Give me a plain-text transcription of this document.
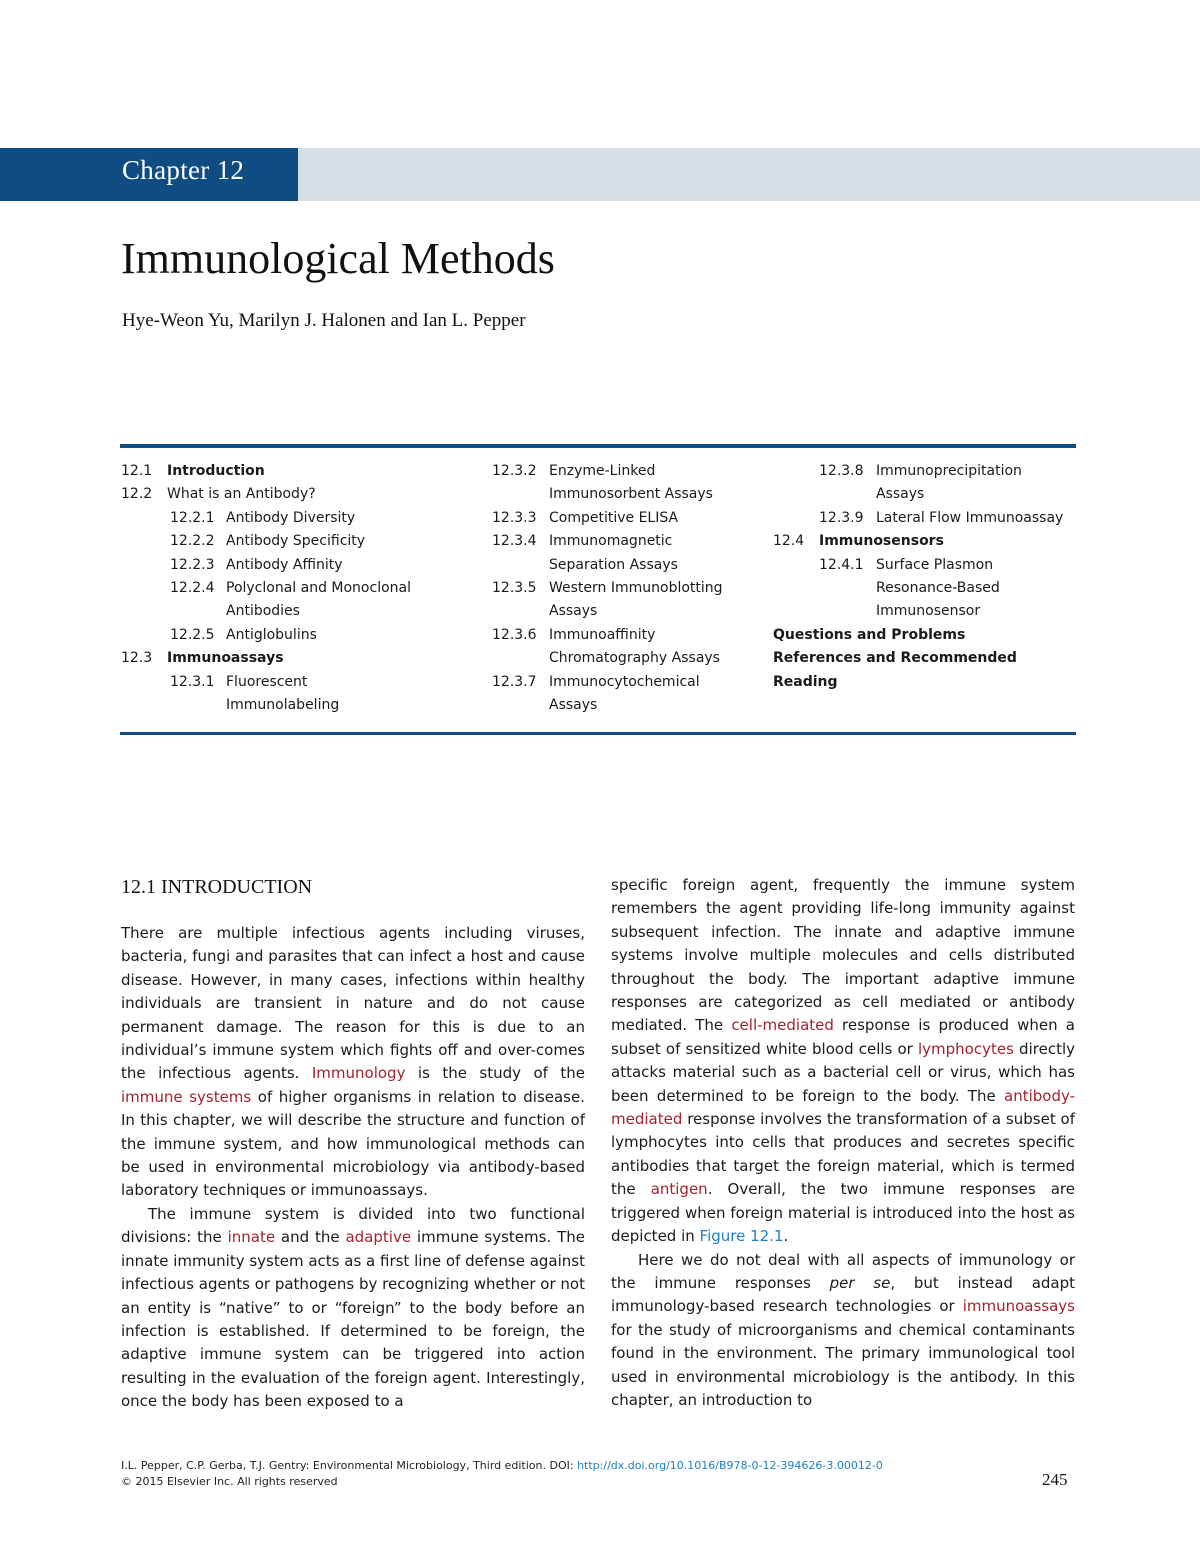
Chapter 12
Immunological Methods
Hye-Weon Yu, Marilyn J. Halonen and Ian L. Pepper
12.1	Introduction
12.2	What is an Antibody?
12.2.1 Antibody Diversity
12.2.2 Antibody Specificity
12.2.3 Antibody Affinity
12.2.4 Polyclonal and Monoclonal Antibodies
12.2.5 Antiglobulins
12.3	Immunoassays
12.3.1 Fluorescent Immunolabeling
12.3.2 Enzyme-Linked Immunosorbent Assays
12.3.3 Competitive ELISA
12.3.4 Immunomagnetic Separation Assays
12.3.5 Western Immunoblotting Assays
12.3.6 Immunoaffinity Chromatography Assays
12.3.7 Immunocytochemical Assays
12.3.8 Immunoprecipitation Assays
12.3.9 Lateral Flow Immunoassay
12.4	Immunosensors
12.4.1 Surface Plasmon Resonance-Based Immunosensor
Questions and Problems
References and Recommended Reading
12.1 INTRODUCTION

There are multiple infectious agents including viruses, bacteria, fungi and parasites that can infect a host and cause disease. However, in many cases, infections within healthy individuals are transient in nature and do not cause permanent damage. The reason for this is due to an individual’s immune system which fights off and over-comes the infectious agents. Immunology is the study of the immune systems of higher organisms in relation to disease. In this chapter, we will describe the structure and function of the immune system, and how immunological methods can be used in environmental microbiology via antibody-based laboratory techniques or immunoassays.

The immune system is divided into two functional divisions: the innate and the adaptive immune systems. The innate immunity system acts as a first line of defense against infectious agents or pathogens by recognizing whether or not an entity is “native” to or “foreign” to the body before an infection is established. If determined to be foreign, the adaptive immune system can be triggered into action resulting in the evaluation of the foreign agent. Interestingly, once the body has been exposed to a

specific foreign agent, frequently the immune system remembers the agent providing life-long immunity against subsequent infection. The innate and adaptive immune systems involve multiple molecules and cells distributed throughout the body. The important adaptive immune responses are categorized as cell mediated or antibody mediated. The cell-mediated response is produced when a subset of sensitized white blood cells or lymphocytes directly attacks material such as a bacterial cell or virus, which has been determined to be foreign to the body. The antibody-mediated response involves the transformation of a subset of lymphocytes into cells that produces and secretes specific antibodies that target the foreign material, which is termed the antigen. Overall, the two immune responses are triggered when foreign material is introduced into the host as depicted in Figure 12.1.

Here we do not deal with all aspects of immunology or the immune responses per se, but instead adapt immunology-based research technologies or immunoassays for the study of microorganisms and chemical contaminants found in the environment. The primary immunological tool used in environmental microbiology is the antibody. In this chapter, an introduction to

I.L. Pepper, C.P. Gerba, T.J. Gentry: Environmental Microbiology, Third edition. DOI: http://dx.doi.org/10.1016/B978-0-12-394626-3.00012-0
© 2015 Elsevier Inc. All rights reserved	245
